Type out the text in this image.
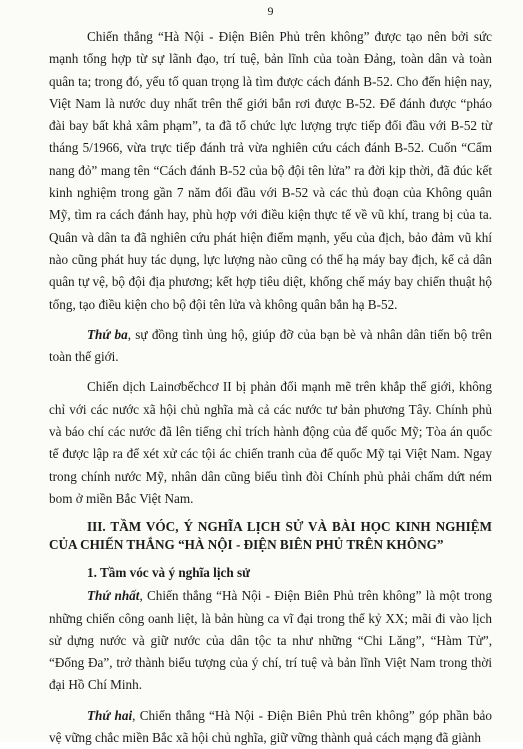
9

Chiến thắng “Hà Nội - Điện Biên Phủ trên không” được tạo nên bởi sức mạnh tổng hợp từ sự lãnh đạo, trí tuệ, bản lĩnh của toàn Đảng, toàn dân và toàn quân ta; trong đó, yếu tố quan trọng là tìm được cách đánh B-52. Cho đến hiện nay, Việt Nam là nước duy nhất trên thế giới bắn rơi được B-52. Để đánh được “pháo đài bay bất khả xâm phạm”, ta đã tổ chức lực lượng trực tiếp đối đầu với B-52 từ tháng 5/1966, vừa trực tiếp đánh trả vừa nghiên cứu cách đánh B-52. Cuốn “Cẩm nang đỏ” mang tên “Cách đánh B-52 của bộ đội tên lửa” ra đời kịp thời, đã đúc kết kinh nghiệm trong gần 7 năm đối đầu với B-52 và các thủ đoạn của Không quân Mỹ, tìm ra cách đánh hay, phù hợp với điều kiện thực tế về vũ khí, trang bị của ta. Quân và dân ta đã nghiên cứu phát hiện điểm mạnh, yếu của địch, bảo đảm vũ khí nào cũng phát huy tác dụng, lực lượng nào cũng có thể hạ máy bay địch, kể cả dân quân tự vệ, bộ đội địa phương; kết hợp tiêu diệt, khống chế máy bay chiến thuật hộ tống, tạo điều kiện cho bộ đội tên lửa và không quân bắn hạ B-52.

Thứ ba, sự đồng tình ủng hộ, giúp đỡ của bạn bè và nhân dân tiến bộ trên toàn thế giới.

Chiến dịch Lainơbếchcơ II bị phản đối mạnh mẽ trên khắp thế giới, không chỉ với các nước xã hội chủ nghĩa mà cả các nước tư bản phương Tây. Chính phủ và báo chí các nước đã lên tiếng chỉ trích hành động của đế quốc Mỹ; Tòa án quốc tế được lập ra để xét xử các tội ác chiến tranh của đế quốc Mỹ tại Việt Nam. Ngay trong chính nước Mỹ, nhân dân cũng biểu tình đòi Chính phủ phải chấm dứt ném bom ở miền Bắc Việt Nam.

III. TẦM VÓC, Ý NGHĨA LỊCH SỬ VÀ BÀI HỌC KINH NGHIỆM CỦA CHIẾN THẮNG “HÀ NỘI - ĐIỆN BIÊN PHỦ TRÊN KHÔNG”
1. Tầm vóc và ý nghĩa lịch sử

Thứ nhất, Chiến thắng “Hà Nội - Điện Biên Phủ trên không” là một trong những chiến công oanh liệt, là bản hùng ca vĩ đại trong thế kỷ XX; mãi đi vào lịch sử dựng nước và giữ nước của dân tộc ta như những “Chi Lăng”, “Hàm Tử”, “Đống Đa”, trở thành biểu tượng của ý chí, trí tuệ và bản lĩnh Việt Nam trong thời đại Hồ Chí Minh.

Thứ hai, Chiến thắng “Hà Nội - Điện Biên Phủ trên không” góp phần bảo vệ vững chắc miền Bắc xã hội chủ nghĩa, giữ vững thành quả cách mạng đã giành
